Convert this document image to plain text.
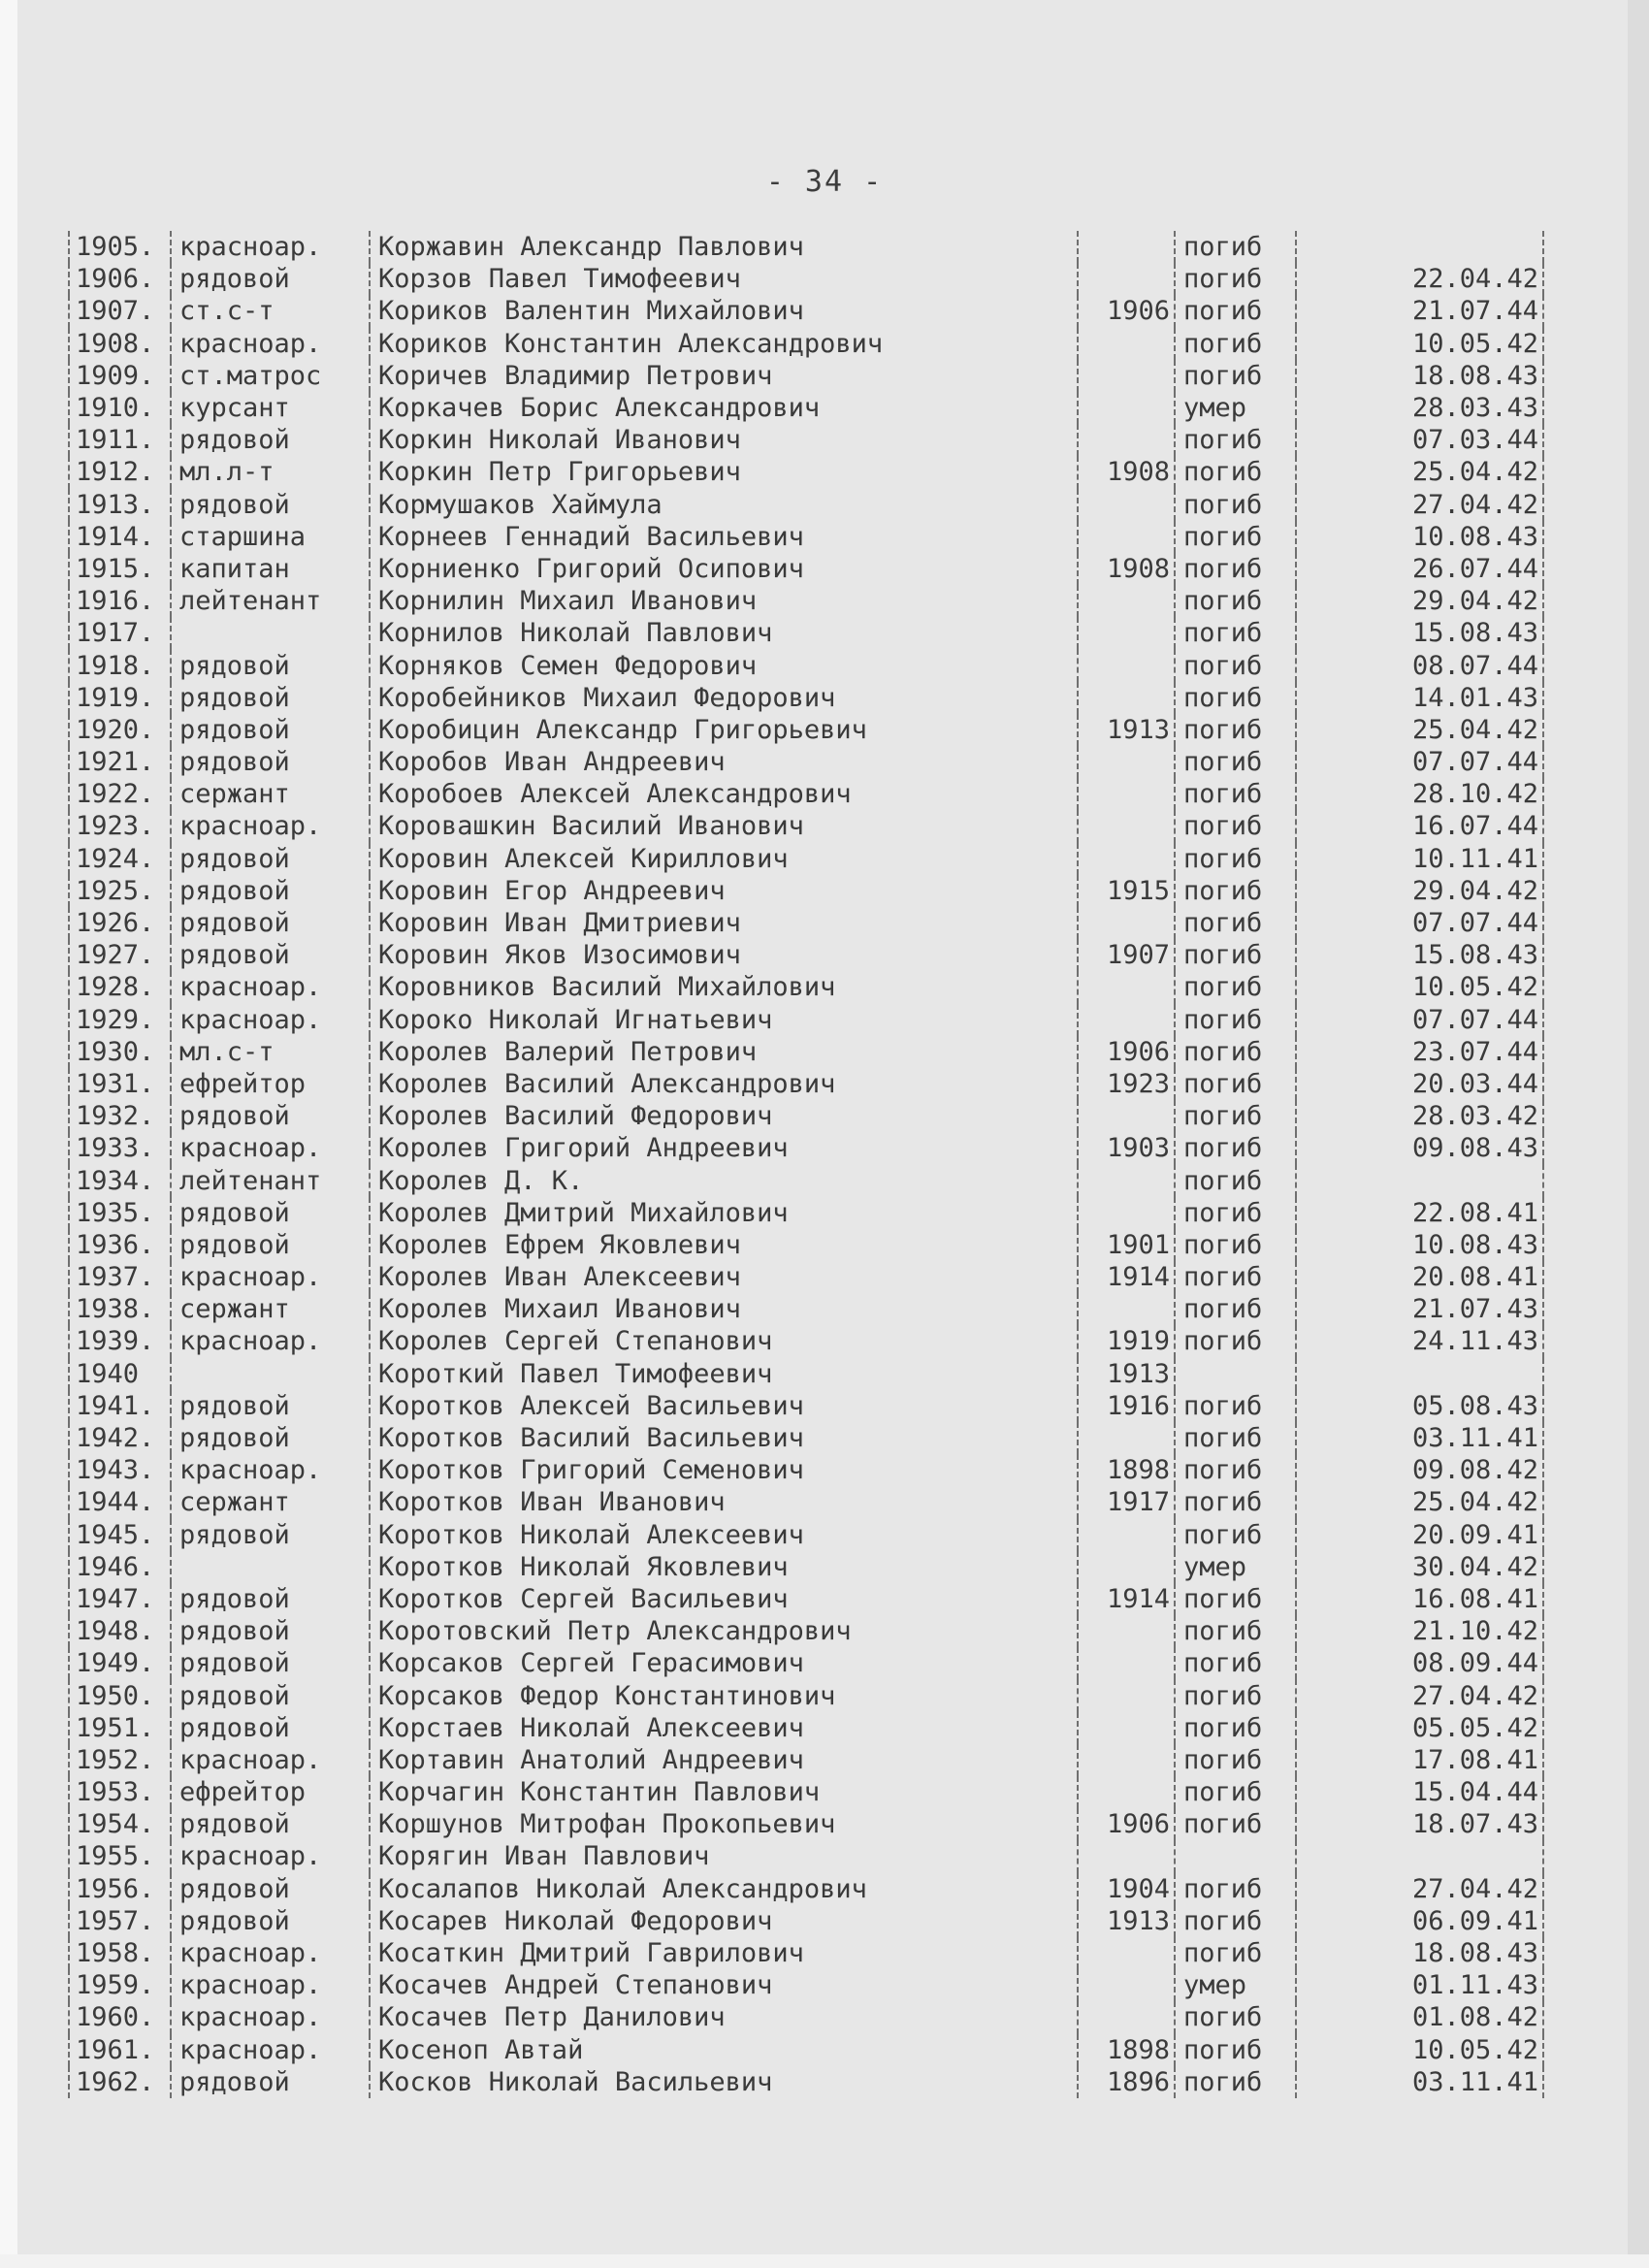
- 34 -
1905.	краснoар.	Коржавин Александр Павлович		погиб	
1906.	рядовой	Корзов Павел Тимофеевич		погиб	22.04.42
1907.	ст.с-т	Кориков Валентин Михайлович	1906	погиб	21.07.44
1908.	красноар.	Кориков Константин Александрович		погиб	10.05.42
1909.	ст.матрос	Коричев Владимир Петрович		погиб	18.08.43
1910.	курсант	Коркачев Борис Александрович		умер	28.03.43
1911.	рядовой	Коркин Николай Иванович		погиб	07.03.44
1912.	мл.л-т	Коркин Петр Григорьевич	1908	погиб	25.04.42
1913.	рядовой	Кормушаков Хаймула		погиб	27.04.42
1914.	старшина	Корнеев Геннадий Васильевич		погиб	10.08.43
1915.	капитан	Корниенко Григорий Осипович	1908	погиб	26.07.44
1916.	лейтенант	Корнилин Михаил Иванович		погиб	29.04.42
1917.		Корнилов Николай Павлович		погиб	15.08.43
1918.	рядовой	Корняков Семен Федорович		погиб	08.07.44
1919.	рядовой	Коробейников Михаил Федорович		погиб	14.01.43
1920.	рядовой	Коробицин Александр Григорьевич	1913	погиб	25.04.42
1921.	рядовой	Коробов Иван Андреевич		погиб	07.07.44
1922.	сержант	Коробоев Алексей Александрович		погиб	28.10.42
1923.	красноар.	Коровашкин Василий Иванович		погиб	16.07.44
1924.	рядовой	Коровин Алексей Кириллович		погиб	10.11.41
1925.	рядовой	Коровин Егор Андреевич	1915	погиб	29.04.42
1926.	рядовой	Коровин Иван Дмитриевич		погиб	07.07.44
1927.	рядовой	Коровин Яков Изосимович	1907	погиб	15.08.43
1928.	красноар.	Коровников Василий Михайлович		погиб	10.05.42
1929.	красноар.	Короко Николай Игнатьевич		погиб	07.07.44
1930.	мл.с-т	Королев Валерий Петрович	1906	погиб	23.07.44
1931.	ефрейтор	Королев Василий Александрович	1923	погиб	20.03.44
1932.	рядовой	Королев Василий Федорович		погиб	28.03.42
1933.	красноар.	Королев Григорий Андреевич	1903	погиб	09.08.43
1934.	лейтенант	Королев Д. К.		погиб	
1935.	рядовой	Королев Дмитрий Михайлович		погиб	22.08.41
1936.	рядовой	Королев Ефрем Яковлевич	1901	погиб	10.08.43
1937.	красноар.	Королев Иван Алексеевич	1914	погиб	20.08.41
1938.	сержант	Королев Михаил Иванович		погиб	21.07.43
1939.	красноар.	Королев Сергей Степанович	1919	погиб	24.11.43
1940		Короткий Павел Тимофеевич	1913		
1941.	рядовой	Коротков Алексей Васильевич	1916	погиб	05.08.43
1942.	рядовой	Коротков Василий Васильевич		погиб	03.11.41
1943.	красноар.	Коротков Григорий Семенович	1898	погиб	09.08.42
1944.	сержант	Коротков Иван Иванович	1917	погиб	25.04.42
1945.	рядовой	Коротков Николай Алексеевич		погиб	20.09.41
1946.		Коротков Николай Яковлевич		умер	30.04.42
1947.	рядовой	Коротков Сергей Васильевич	1914	погиб	16.08.41
1948.	рядовой	Коротовский Петр Александрович		погиб	21.10.42
1949.	рядовой	Корсаков Сергей Герасимович		погиб	08.09.44
1950.	рядовой	Корсаков Федор Константинович		погиб	27.04.42
1951.	рядовой	Корстаев Николай Алексеевич		погиб	05.05.42
1952.	красноар.	Кортавин Анатолий Андреевич		погиб	17.08.41
1953.	ефрейтор	Корчагин Константин Павлович		погиб	15.04.44
1954.	рядовой	Коршунов Митрофан Прокопьевич	1906	погиб	18.07.43
1955.	красноар.	Корягин Иван Павлович			
1956.	рядовой	Косалапов Николай Александрович	1904	погиб	27.04.42
1957.	рядовой	Косарев Николай Федорович	1913	погиб	06.09.41
1958.	красноар.	Косаткин Дмитрий Гаврилович		погиб	18.08.43
1959.	красноар.	Косачев Андрей Степанович		умер	01.11.43
1960.	красноар.	Косачев Петр Данилович		погиб	01.08.42
1961.	красноар.	Косеноп Автай	1898	погиб	10.05.42
1962.	рядовой	Косков Николай Васильевич	1896	погиб	03.11.41
